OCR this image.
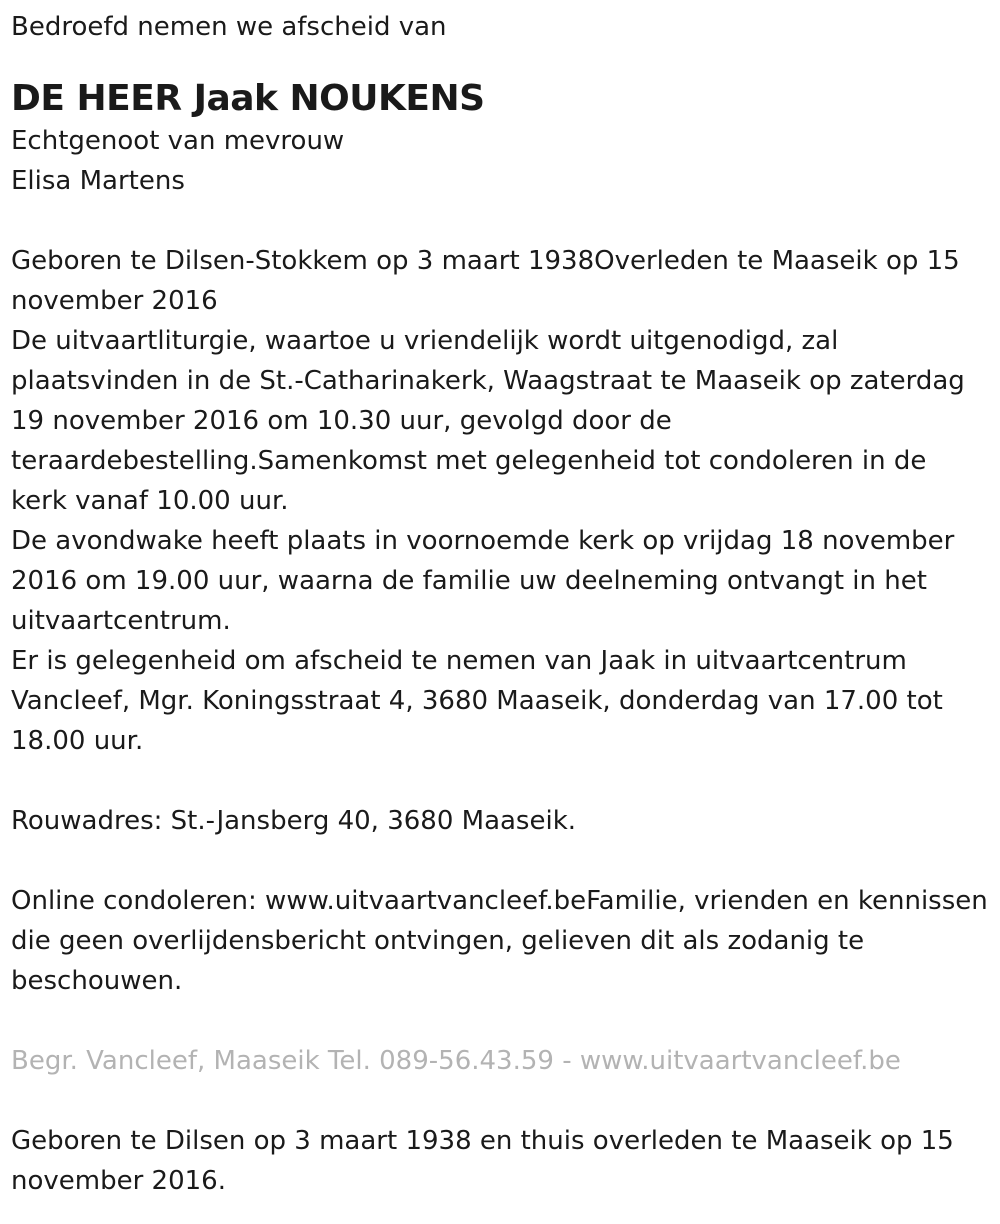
Bedroefd nemen we afscheid van

DE HEER Jaak NOUKENS

Echtgenoot van mevrouw

Elisa Martens

Geboren te Dilsen-Stokkem op 3 maart 1938Overleden te Maaseik op 15 november 2016

De uitvaartliturgie, waartoe u vriendelijk wordt uitgenodigd, zal plaatsvinden in de St.-Catharinakerk, Waagstraat te Maaseik op zaterdag 19 november 2016 om 10.30 uur, gevolgd door de teraardebestelling.Samenkomst met gelegenheid tot condoleren in de kerk vanaf 10.00 uur.

De avondwake heeft plaats in voornoemde kerk op vrijdag 18 november 2016 om 19.00 uur, waarna de familie uw deelneming ontvangt in het uitvaartcentrum.

Er is gelegenheid om afscheid te nemen van Jaak in uitvaartcentrum Vancleef, Mgr. Koningsstraat 4, 3680 Maaseik, donderdag van 17.00 tot 18.00 uur.

Rouwadres: St.-Jansberg 40, 3680 Maaseik.

Online condoleren: www.uitvaartvancleef.beFamilie, vrienden en kennissen die geen overlijdensbericht ontvingen, gelieven dit als zodanig te beschouwen.

Begr. Vancleef, Maaseik Tel. 089-56.43.59 - www.uitvaartvancleef.be

Geboren te Dilsen op 3 maart 1938 en thuis overleden te Maaseik op 15 november 2016.
